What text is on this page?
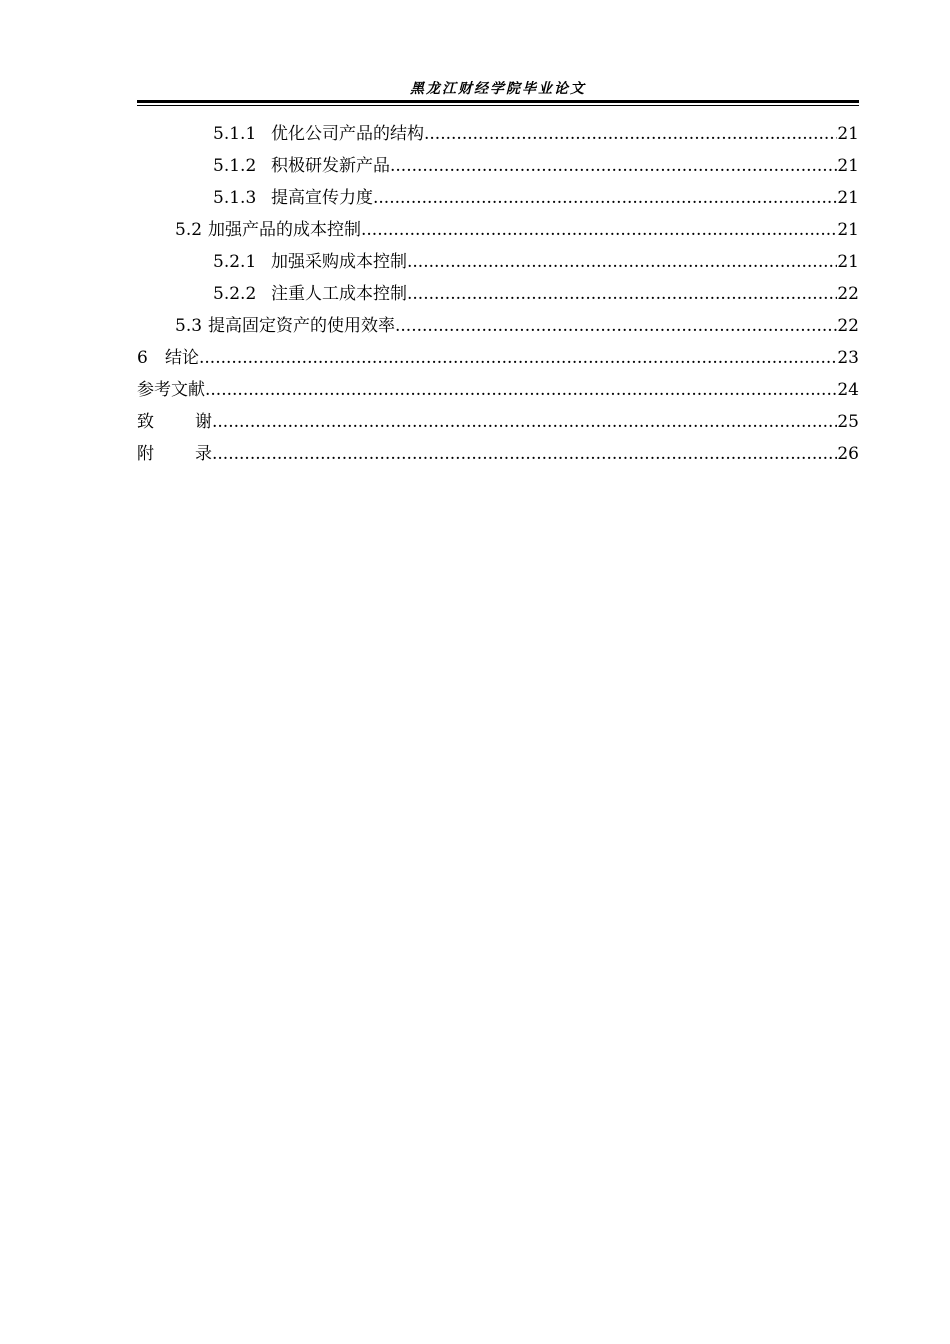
黑龙江财经学院毕业论文
5.1.1 优化公司产品的结构 .....	21
5.1.2 积极研发新产品 .....	21
5.1.3 提高宣传力度 .....	21
5.2 加强产品的成本控制 .....	21
5.2.1 加强采购成本控制 .....	21
5.2.2 注重人工成本控制 .....	22
5.3 提高固定资产的使用效率 .....	22
6	结论 .....	23
参考文献 .....	24
致 谢 .....	25
附 录 .....	26
